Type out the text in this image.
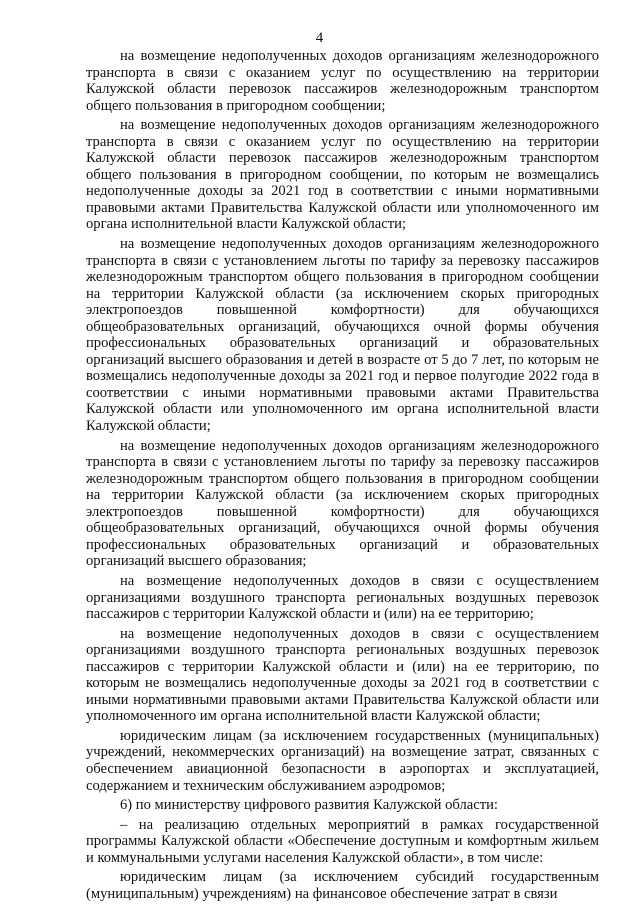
4

на возмещение недополученных доходов организациям железнодорожного транспорта в связи с оказанием услуг по осуществлению на территории Калужской области перевозок пассажиров железнодорожным транспортом общего пользования в пригородном сообщении;

на возмещение недополученных доходов организациям железнодорожного транспорта в связи с оказанием услуг по осуществлению на территории Калужской области перевозок пассажиров железнодорожным транспортом общего пользования в пригородном сообщении, по которым не возмещались недополученные доходы за 2021 год в соответствии с иными нормативными правовыми актами Правительства Калужской области или уполномоченного им органа исполнительной власти Калужской области;

на возмещение недополученных доходов организациям железнодорожного транспорта в связи с установлением льготы по тарифу за перевозку пассажиров железнодорожным транспортом общего пользования в пригородном сообщении на территории Калужской области (за исключением скорых пригородных электропоездов повышенной комфортности) для обучающихся общеобразовательных организаций, обучающихся очной формы обучения профессиональных образовательных организаций и образовательных организаций высшего образования и детей в возрасте от 5 до 7 лет, по которым не возмещались недополученные доходы за 2021 год и первое полугодие 2022 года в соответствии с иными нормативными правовыми актами Правительства Калужской области или уполномоченного им органа исполнительной власти Калужской области;

на возмещение недополученных доходов организациям железнодорожного транспорта в связи с установлением льготы по тарифу за перевозку пассажиров железнодорожным транспортом общего пользования в пригородном сообщении на территории Калужской области (за исключением скорых пригородных электропоездов повышенной комфортности) для обучающихся общеобразовательных организаций, обучающихся очной формы обучения профессиональных образовательных организаций и образовательных организаций высшего образования;

на возмещение недополученных доходов в связи с осуществлением организациями воздушного транспорта региональных воздушных перевозок пассажиров с территории Калужской области и (или) на ее территорию;

на возмещение недополученных доходов в связи с осуществлением организациями воздушного транспорта региональных воздушных перевозок пассажиров с территории Калужской области и (или) на ее территорию, по которым не возмещались недополученные доходы за 2021 год в соответствии с иными нормативными правовыми актами Правительства Калужской области или уполномоченного им органа исполнительной власти Калужской области;

юридическим лицам (за исключением государственных (муниципальных) учреждений, некоммерческих организаций) на возмещение затрат, связанных с обеспечением авиационной безопасности в аэропортах и эксплуатацией, содержанием и техническим обслуживанием аэродромов;

6) по министерству цифрового развития Калужской области:

– на реализацию отдельных мероприятий в рамках государственной программы Калужской области «Обеспечение доступным и комфортным жильем и коммунальными услугами населения Калужской области», в том числе:

юридическим лицам (за исключением субсидий государственным (муниципальным) учреждениям) на финансовое обеспечение затрат в связи
